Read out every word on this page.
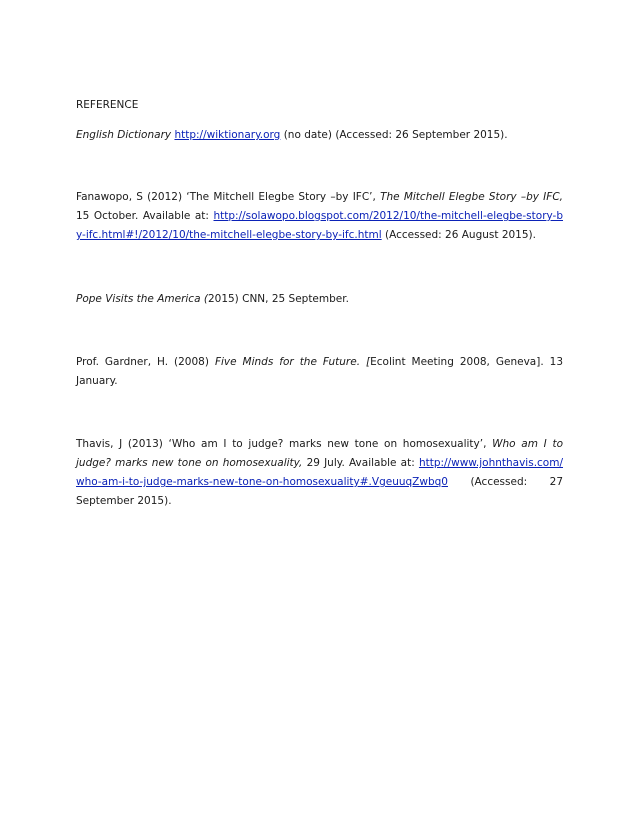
REFERENCE

English Dictionary http://wiktionary.org (no date) (Accessed: 26 September 2015).

Fanawopo, S (2012) ‘The Mitchell Elegbe Story –by IFC’, The Mitchell Elegbe Story –by IFC, 15 October. Available at: http://solawopo.blogspot.com/2012/10/the-mitchell-elegbe-story-by-ifc.html#!/2012/10/the-mitchell-elegbe-story-by-ifc.html (Accessed: 26 August 2015).

Pope Visits the America (2015) CNN, 25 September.

Prof. Gardner, H. (2008) Five Minds for the Future. [Ecolint Meeting 2008, Geneva]. 13 January.

Thavis, J (2013) ‘Who am I to judge? marks new tone on homosexuality’, Who am I to judge? marks new tone on homosexuality, 29 July. Available at: http://www.johnthavis.com/who-am-i-to-judge-marks-new-tone-on-homosexuality#.VgeuuqZwbq0 (Accessed: 27 September 2015).
